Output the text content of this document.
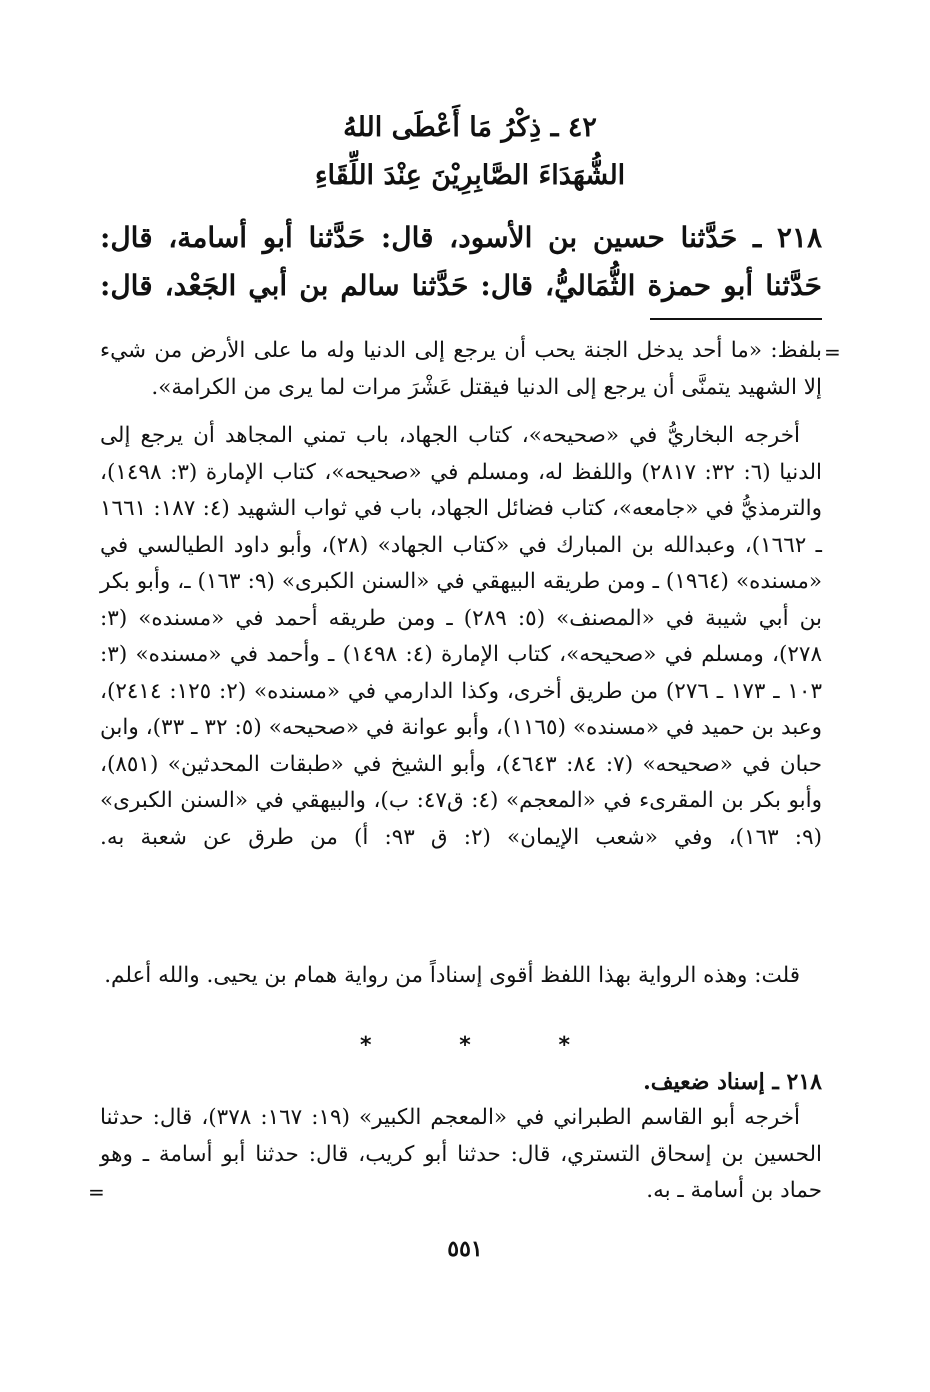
٤٢ ـ ذِكْرُ مَا أَعْطَى اللهُ
الشُّهَدَاءَ الصَّابِرِيْنَ عِنْدَ اللِّقَاءِ

٢١٨ ـ حَدَّثنا حسين بن الأسود، قال: حَدَّثنا أبو أسامة، قال: حَدَّثنا أبو حمزة الثُّمَاليُّ، قال: حَدَّثنا سالم بن أبي الجَعْد، قال:

=

بلفظ: «ما أحد يدخل الجنة يحب أن يرجع إلى الدنيا وله ما على الأرض من شيء إلا الشهيد يتمنَّى أن يرجع إلى الدنيا فيقتل عَشْرَ مرات لما يرى من الكرامة».

أخرجه البخاريُّ في «صحيحه»، كتاب الجهاد، باب تمني المجاهد أن يرجع إلى الدنيا (٦: ٣٢: ٢٨١٧) واللفظ له، ومسلم في «صحيحه»، كتاب الإمارة (٣: ١٤٩٨)، والترمذيُّ في «جامعه»، كتاب فضائل الجهاد، باب في ثواب الشهيد (٤: ١٨٧: ١٦٦١ ـ ١٦٦٢)، وعبدالله بن المبارك في «كتاب الجهاد» (٢٨)، وأبو داود الطيالسي في «مسنده» (١٩٦٤) ـ ومن طريقه البيهقي في «السنن الكبرى» (٩: ١٦٣) ـ، وأبو بكر بن أبي شيبة في «المصنف» (٥: ٢٨٩) ـ ومن طريقه أحمد في «مسنده» (٣: ٢٧٨)، ومسلم في «صحيحه»، كتاب الإمارة (٤: ١٤٩٨) ـ وأحمد في «مسنده» (٣: ١٠٣ ـ ١٧٣ ـ ٢٧٦) من طريق أخرى، وكذا الدارمي في «مسنده» (٢: ١٢٥: ٢٤١٤)، وعبد بن حميد في «مسنده» (١١٦٥)، وأبو عوانة في «صحيحه» (٥: ٣٢ ـ ٣٣)، وابن حبان في «صحيحه» (٧: ٨٤: ٤٦٤٣)، وأبو الشيخ في «طبقات المحدثين» (٨٥١)، وأبو بكر بن المقرىء في «المعجم» (٤: ق٤٧: ب)، والبيهقي في «السنن الكبرى» (٩: ١٦٣)، وفي «شعب الإيمان» (٢: ق ٩٣: أ) من طرق عن شعبة به.

قلت: وهذه الرواية بهذا اللفظ أقوى إسناداً من رواية همام بن يحيى. والله أعلم.

*	*	*

٢١٨ ـ إسناد ضعيف.

أخرجه أبو القاسم الطبراني في «المعجم الكبير» (١٩: ١٦٧: ٣٧٨)، قال: حدثنا الحسين بن إسحاق التستري، قال: حدثنا أبو كريب، قال: حدثنا أبو أسامة ـ وهو حماد بن أسامة ـ به.

=
٥٥١
